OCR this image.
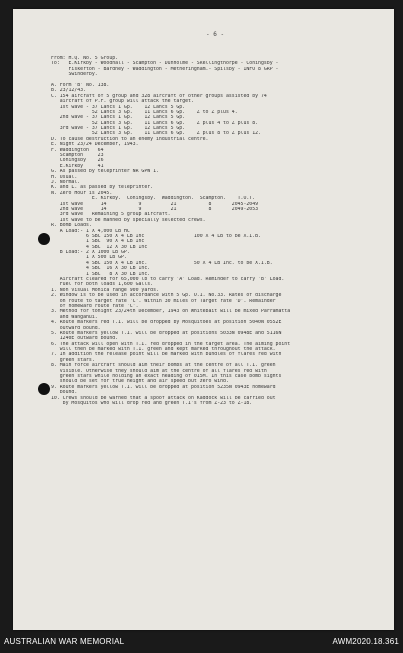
- 6 -
From: H.Q. No. 5 Group.
To:   E.Kirkby - Woodhall - Scampton - Dunholme - Skellingthorpe - Coningsby -
Fiskerton - Bardney - Waddington - Metheringham.- Spilsby - INFO 8 GRP -
Swinderby.
A. Form 'B' No. 138.
B. 23/12/43.
C. 154 aircraft of 5 group and 328 aircraft of other groups assisted by 74
aircraft of P.F. group will attack the target.
1st wave - 37 Lancs 1 Gp.    12 Lancs 5 Gp.
52 Lancs 3 Gp.    11 Lancs 6 Gp.    Z to Z plus 4.
2nd wave - 37 Lancs 1 Gp.    12 Lancs 5 Gp.
52 Lancs 3 Gp.    11 Lancs 6 Gp.    Z plus 4 to Z plus 8.
3rd wave - 37 Lancs 1 Gp.    12 Lancs 5 Gp.
52 Lancs 3 Gp.    11 Lancs 6 Gp.    Z plus 8 to Z plus 12.
D. To cause destruction to an enemy industrial centre.
E. Night 23/24 December, 1943.
F. Waddington   64
Scampton     23
Coningsby    26
E.Kirkby     41
G. As passed by teleprinter NR GPW 1.
H. Usual.
J. Normal.
K. and L. as passed by teleprinter.
N. Zero Hour is 2045.
E. Kirkby.  Coningsby.  Waddington.  Scampton.    T.O.T.
1st wave      14           9          21           8       2045-2049
2nd wave      14           9          21           8       2049-2053
3rd wave   Remaining 5 group aircraft.
1st wave to be manned by specially selected crews.
R. Bomb Loads.
A Load:- 1 X 4,000 LB HC
6 SBC 150 X 4 LB Inc                 100 X 4 LB to be X.I.B.
1 SBC  90 X 4 LB Inc
4 SBC  12 X 30 LB Inc
B Load:- 2 X 1000 LB GP.
1 X 500 LB GP.
4 SBC 150 X 4 LB Inc.                50 X 4 LB Inc. to be X.I.B.
4 SBC  16 X 30 LB Inc.
1 SBC   8 X 30 LB Inc.
Aircraft cleared for 65,000 lb to carry 'A' Load. Reminder to carry 'B' Load.
Fuel for both loads 1,600 Galls.
1. Non visual Monica range 900 yards.
2. Window is to be used in accordance with 5 Gp. O.I. No.33. Rates of discharge
on route to target rate 'C'. Within 30 miles of Target rate 'D'. Remainder
of homeward route rate 'C'.
3. Method for tonight 23/24th December, 1943 on Whitebait will be mixed Parramatta
and Wanganui.
4. Route markers red T.I. will be dropped by Mosquitoes at position 5040N 0552E
outward bound.
5. Route markers yellow T.I. will be dropped at positions 5033N 0948E and 5116N
1240E outward bound.
6. The attack will open with T.I. red dropped in the target area. The aiming point
will then be marked with T.I. green and kept marked throughout the attack.
7. In addition the release point will be marked with bundles of flares red with
green stars.
8. Main force aircraft should aim their bombs at the centre of all T.I. green
visible. Otherwise they should aim at the centre of all flares red with
green stars while holding an exact heading of 015M. In this case bomb sights
should be set for true height and air speed but zero wind.
9. Route markers yellow T.I. will be dropped at position 5235N 0943E homeward
bound.
10. Crews should be warned that a spoof attack on Kaddock will be carried out
by Mosquitos who will drop red and green T.I's from Z-23 to Z-18.
AUSTRALIAN WAR MEMORIAL	AWM2020.18.361
